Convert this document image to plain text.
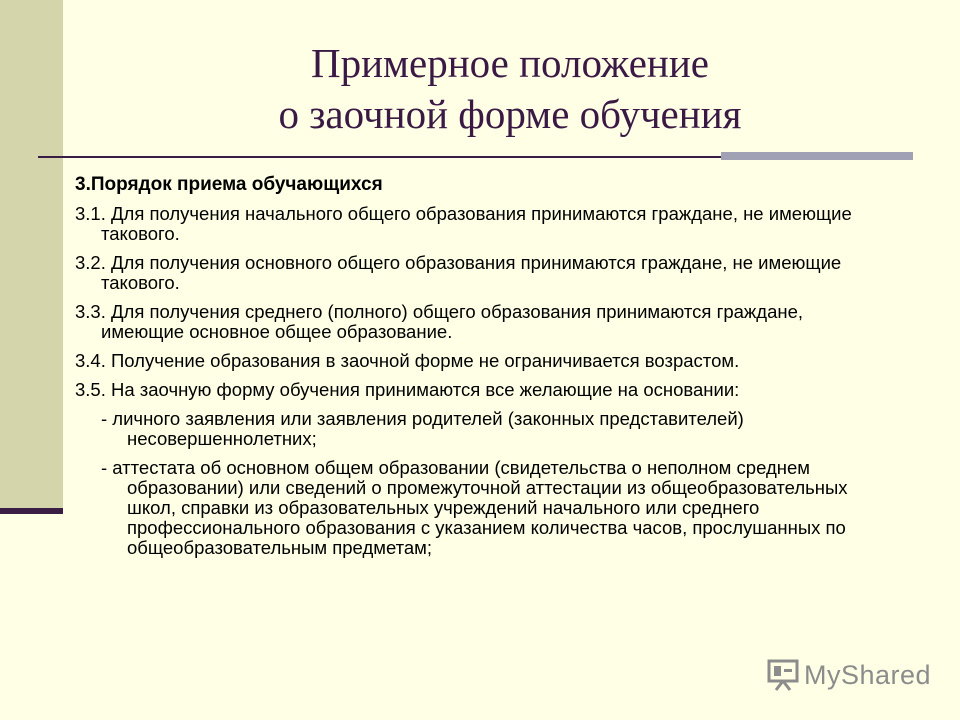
Примерное положение
о заочной форме обучения
3.Порядок приема обучающихся

3.1. Для получения начального общего образования принимаются граждане, не имеющие такового.

3.2. Для получения основного общего образования принимаются граждане, не имеющие такового.

3.3. Для получения среднего (полного) общего образования принимаются граждане, имеющие основное общее образование.

3.4. Получение образования в заочной форме не ограничивается возрастом.

3.5. На заочную форму обучения принимаются все желающие на основании:

- личного заявления или заявления родителей (законных представителей) несовершеннолетних;

- аттестата об основном общем образовании (свидетельства о неполном среднем образовании) или сведений о промежуточной аттестации из общеобразовательных школ, справки из образовательных учреждений начального или среднего профессионального образования с указанием количества часов, прослушанных по общеобразовательным предметам;

MyShared
